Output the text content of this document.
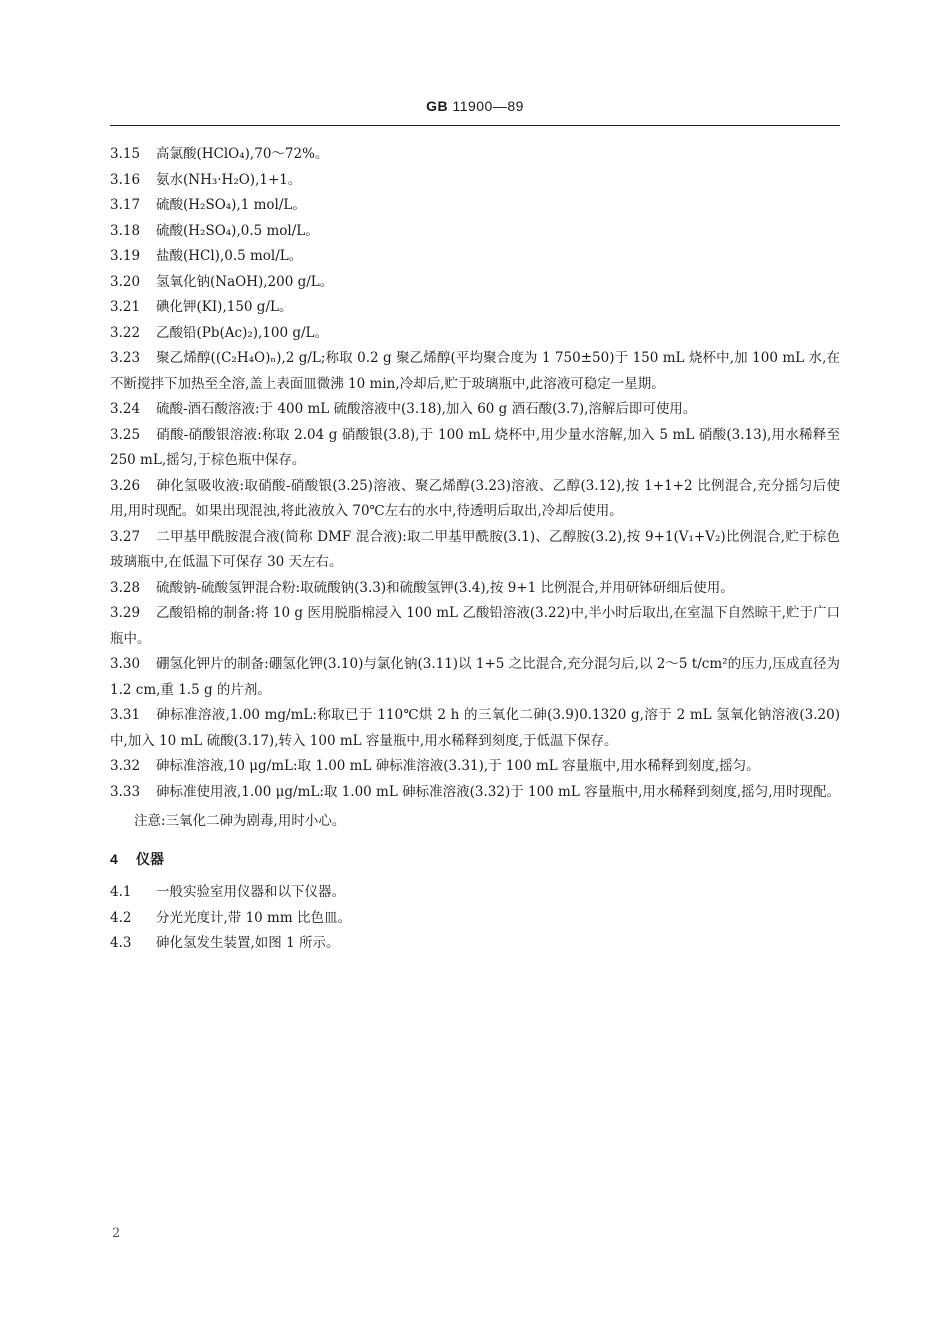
GB 11900—89
3.15 高氯酸(HClO₄),70～72%。
3.16 氨水(NH₃·H₂O),1+1。
3.17 硫酸(H₂SO₄),1 mol/L。
3.18 硫酸(H₂SO₄),0.5 mol/L。
3.19 盐酸(HCl),0.5 mol/L。
3.20 氢氧化钠(NaOH),200 g/L。
3.21 碘化钾(KI),150 g/L。
3.22 乙酸铅(Pb(Ac)₂),100 g/L。
3.23 聚乙烯醇((C₂H₄O)ₙ),2 g/L;称取 0.2 g 聚乙烯醇(平均聚合度为 1 750±50)于 150 mL 烧杯中,加 100 mL 水,在不断搅拌下加热至全溶,盖上表面皿微沸 10 min,冷却后,贮于玻璃瓶中,此溶液可稳定一星期。
3.24 硫酸-酒石酸溶液:于 400 mL 硫酸溶液中(3.18),加入 60 g 酒石酸(3.7),溶解后即可使用。
3.25 硝酸-硝酸银溶液:称取 2.04 g 硝酸银(3.8),于 100 mL 烧杯中,用少量水溶解,加入 5 mL 硝酸(3.13),用水稀释至 250 mL,摇匀,于棕色瓶中保存。
3.26 砷化氢吸收液:取硝酸-硝酸银(3.25)溶液、聚乙烯醇(3.23)溶液、乙醇(3.12),按 1+1+2 比例混合,充分摇匀后使用,用时现配。如果出现混浊,将此液放入 70℃左右的水中,待透明后取出,冷却后使用。
3.27 二甲基甲酰胺混合液(简称 DMF 混合液):取二甲基甲酰胺(3.1)、乙醇胺(3.2),按 9+1(V₁+V₂)比例混合,贮于棕色玻璃瓶中,在低温下可保存 30 天左右。
3.28 硫酸钠-硫酸氢钾混合粉:取硫酸钠(3.3)和硫酸氢钾(3.4),按 9+1 比例混合,并用研钵研细后使用。
3.29 乙酸铅棉的制备:将 10 g 医用脱脂棉浸入 100 mL 乙酸铅溶液(3.22)中,半小时后取出,在室温下自然晾干,贮于广口瓶中。
3.30 硼氢化钾片的制备:硼氢化钾(3.10)与氯化钠(3.11)以 1+5 之比混合,充分混匀后,以 2～5 t/cm²的压力,压成直径为 1.2 cm,重 1.5 g 的片剂。
3.31 砷标准溶液,1.00 mg/mL:称取已于 110℃烘 2 h 的三氧化二砷(3.9)0.1320 g,溶于 2 mL 氢氧化钠溶液(3.20)中,加入 10 mL 硫酸(3.17),转入 100 mL 容量瓶中,用水稀释到刻度,于低温下保存。
3.32 砷标准溶液,10 μg/mL:取 1.00 mL 砷标准溶液(3.31),于 100 mL 容量瓶中,用水稀释到刻度,摇匀。
3.33 砷标准使用液,1.00 μg/mL:取 1.00 mL 砷标准溶液(3.32)于 100 mL 容量瓶中,用水稀释到刻度,摇匀,用时现配。
注意:三氧化二砷为剧毒,用时小心。
4 仪器
4.1 一般实验室用仪器和以下仪器。
4.2 分光光度计,带 10 mm 比色皿。
4.3 砷化氢发生装置,如图 1 所示。
2
